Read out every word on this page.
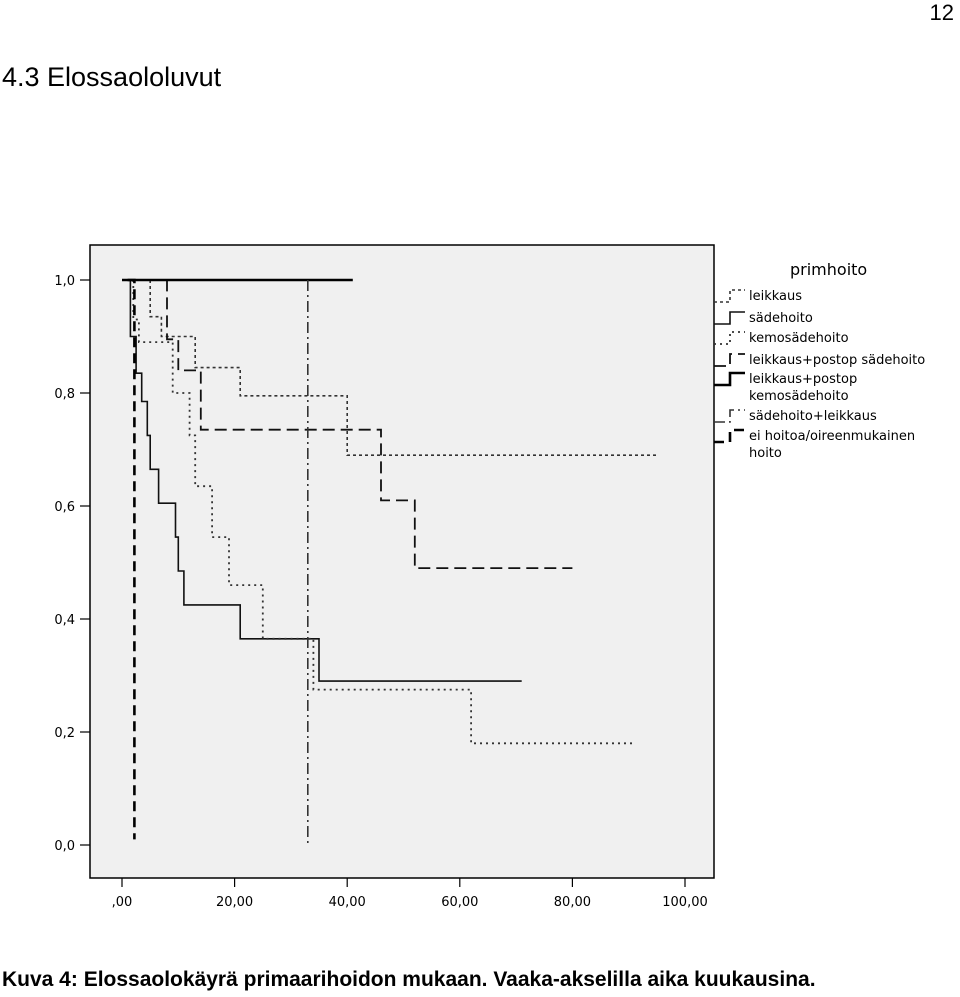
12
4.3 Elossaololuvut
Kuva 4: Elossaolokäyrä primaarihoidon mukaan. Vaaka-akselilla aika kuukausina.
0,0
0,2
0,4
0,6
0,8
1,0
,00	20,00	40,00	60,00	80,00	100,00
primhoito
leikkaus
sädehoito
kemosädehoito
leikkaus+postop sädehoito
leikkaus+postop kemosädehoito
sädehoito+leikkaus
ei hoitoa/oireenmukainen hoito
